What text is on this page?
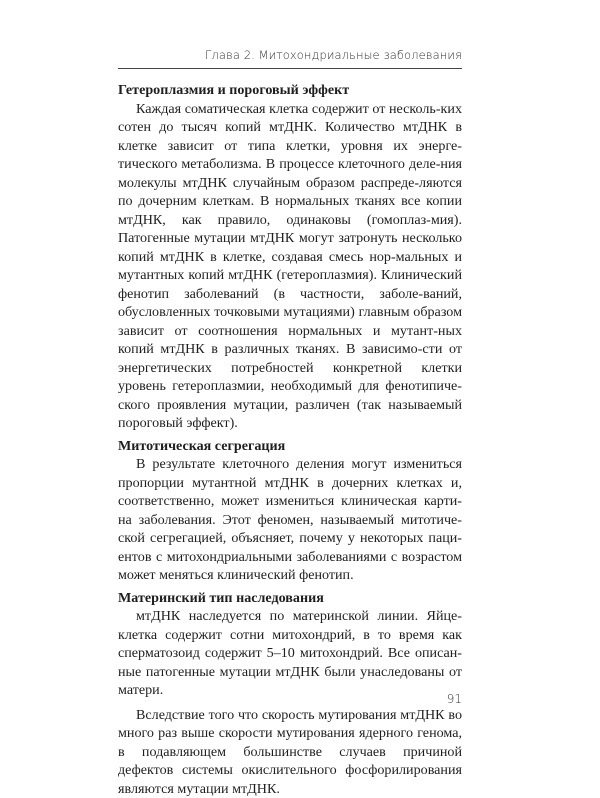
Глава 2. Митохондриальные заболевания
Гетероплазмия и пороговый эффект

Каждая соматическая клетка содержит от несколь-ких сотен до тысяч копий мтДНК. Количество мтДНК в клетке зависит от типа клетки, уровня их энерге-тического метаболизма. В процессе клеточного деле-ния молекулы мтДНК случайным образом распреде-ляются по дочерним клеткам. В нормальных тканях все копии мтДНК, как правило, одинаковы (гомоплаз-мия). Патогенные мутации мтДНК могут затронуть несколько копий мтДНК в клетке, создавая смесь нор-мальных и мутантных копий мтДНК (гетероплазмия). Клинический фенотип заболеваний (в частности, заболе-ваний, обусловленных точковыми мутациями) главным образом зависит от соотношения нормальных и мутант-ных копий мтДНК в различных тканях. В зависимо-сти от энергетических потребностей конкретной клетки уровень гетероплазмии, необходимый для фенотипиче-ского проявления мутации, различен (так называемый пороговый эффект).

Митотическая сегрегация

В результате клеточного деления могут измениться пропорции мутантной мтДНК в дочерних клетках и, соответственно, может измениться клиническая карти-на заболевания. Этот феномен, называемый митотиче-ской сегрегацией, объясняет, почему у некоторых паци-ентов с митохондриальными заболеваниями с возрастом может меняться клинический фенотип.

Материнский тип наследования

мтДНК наследуется по материнской линии. Яйце-клетка содержит сотни митохондрий, в то время как сперматозоид содержит 5–10 митохондрий. Все описан-ные патогенные мутации мтДНК были унаследованы от матери.

Вследствие того что скорость мутирования мтДНК во много раз выше скорости мутирования ядерного генома, в подавляющем большинстве случаев причиной дефектов системы окислительного фосфорилирования являются мутации мтДНК.

91
